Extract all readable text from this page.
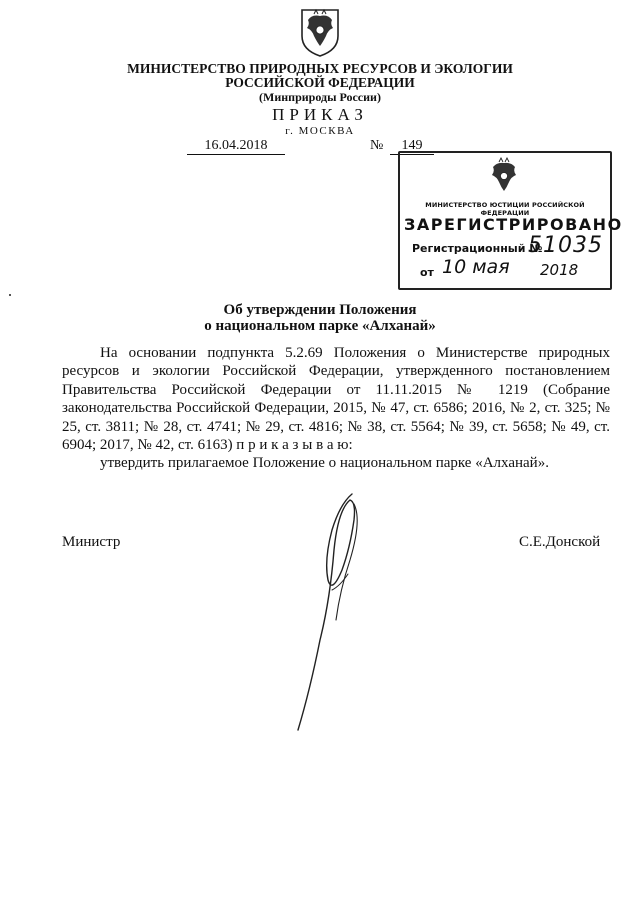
МИНИСТЕРСТВО ПРИРОДНЫХ РЕСУРСОВ И ЭКОЛОГИИ
РОССИЙСКОЙ ФЕДЕРАЦИИ
(Минприроды России)
ПРИКАЗ
г. МОСКВА
16.04.2018	№	149
МИНИСТЕРСТВО ЮСТИЦИИ РОССИЙСКОЙ ФЕДЕРАЦИИ
ЗАРЕГИСТРИРОВАНО
Регистрационный №
51035
от 10 мая 2018
Об утверждении Положения
о национальном парке «Алханай»

На основании подпункта 5.2.69 Положения о Министерстве природных ресурсов и экологии Российской Федерации, утвержденного постановлением Правительства Российской Федерации от 11.11.2015 № 1219 (Собрание законодательства Российской Федерации, 2015, № 47, ст. 6586; 2016, № 2, ст. 325; № 25, ст. 3811; № 28, ст. 4741; № 29, ст. 4816; № 38, ст. 5564; № 39, ст. 5658; № 49, ст. 6904; 2017, № 42, ст. 6163) п р и к а з ы в а ю:

утвердить прилагаемое Положение о национальном парке «Алханай».

Министр	С.Е.Донской
